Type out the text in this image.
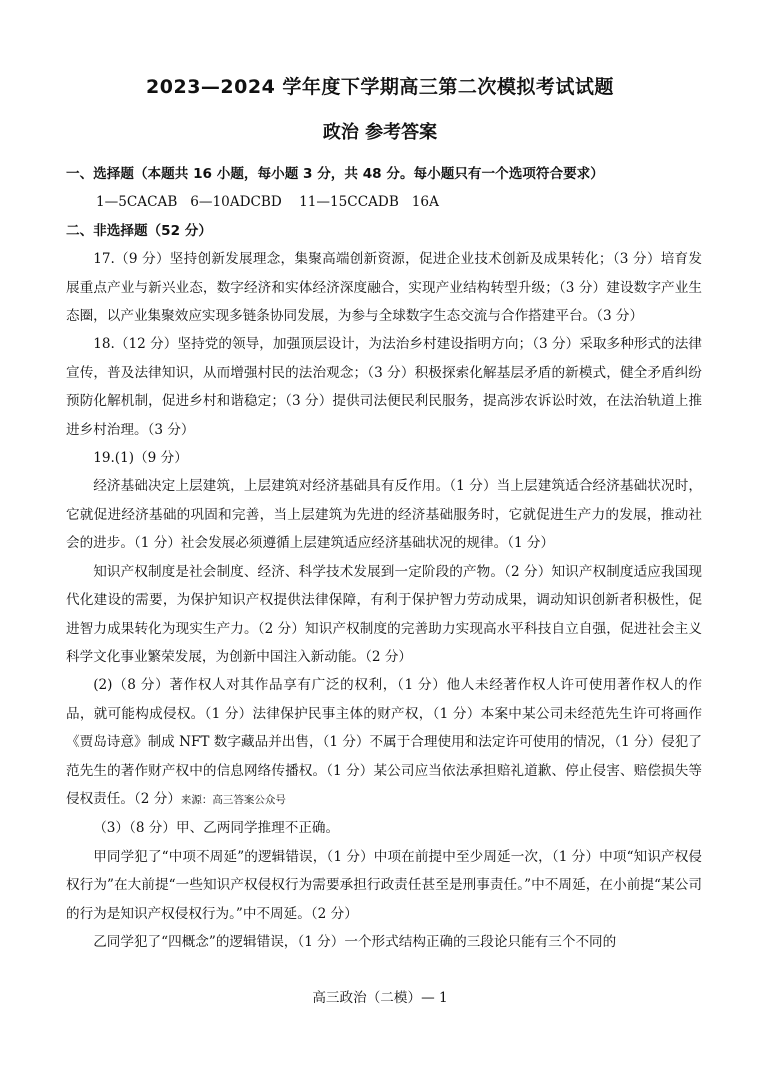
2023—2024 学年度下学期高三第二次模拟考试试题
政治 参考答案

一、选择题（本题共 16 小题，每小题 3 分，共 48 分。每小题只有一个选项符合要求）

1—5CACAB   6—10ADCBD    11—15CCADB   16A

二、非选择题（52 分）

17.（9 分）坚持创新发展理念，集聚高端创新资源，促进企业技术创新及成果转化；（3 分）培育发展重点产业与新兴业态，数字经济和实体经济深度融合，实现产业结构转型升级；（3 分）建设数字产业生态圈，以产业集聚效应实现多链条协同发展，为参与全球数字生态交流与合作搭建平台。（3 分）

18.（12 分）坚持党的领导，加强顶层设计，为法治乡村建设指明方向；（3 分）采取多种形式的法律宣传，普及法律知识，从而增强村民的法治观念；（3 分）积极探索化解基层矛盾的新模式，健全矛盾纠纷预防化解机制，促进乡村和谐稳定；（3 分）提供司法便民利民服务，提高涉农诉讼时效，在法治轨道上推进乡村治理。（3 分）

19.(1)（9 分）

经济基础决定上层建筑，上层建筑对经济基础具有反作用。（1 分）当上层建筑适合经济基础状况时，它就促进经济基础的巩固和完善，当上层建筑为先进的经济基础服务时，它就促进生产力的发展，推动社会的进步。（1 分）社会发展必须遵循上层建筑适应经济基础状况的规律。（1 分）

知识产权制度是社会制度、经济、科学技术发展到一定阶段的产物。（2 分）知识产权制度适应我国现代化建设的需要，为保护知识产权提供法律保障，有利于保护智力劳动成果，调动知识创新者积极性，促进智力成果转化为现实生产力。（2 分）知识产权制度的完善助力实现高水平科技自立自强，促进社会主义科学文化事业繁荣发展，为创新中国注入新动能。（2 分）

(2)（8 分）著作权人对其作品享有广泛的权利，（1 分）他人未经著作权人许可使用著作权人的作品，就可能构成侵权。（1 分）法律保护民事主体的财产权，（1 分）本案中某公司未经范先生许可将画作《贾岛诗意》制成 NFT 数字藏品并出售，（1 分）不属于合理使用和法定许可使用的情况，（1 分）侵犯了范先生的著作财产权中的信息网络传播权。（1 分）某公司应当依法承担赔礼道歉、停止侵害、赔偿损失等侵权责任。（2 分）来源：高三答案公众号

（3）（8 分）甲、乙两同学推理不正确。

甲同学犯了“中项不周延”的逻辑错误，（1 分）中项在前提中至少周延一次，（1 分）中项“知识产权侵权行为”在大前提“一些知识产权侵权行为需要承担行政责任甚至是刑事责任。”中不周延，在小前提“某公司的行为是知识产权侵权行为。”中不周延。（2 分）

乙同学犯了“四概念”的逻辑错误，（1 分）一个形式结构正确的三段论只能有三个不同的

高三政治（二模）— 1
